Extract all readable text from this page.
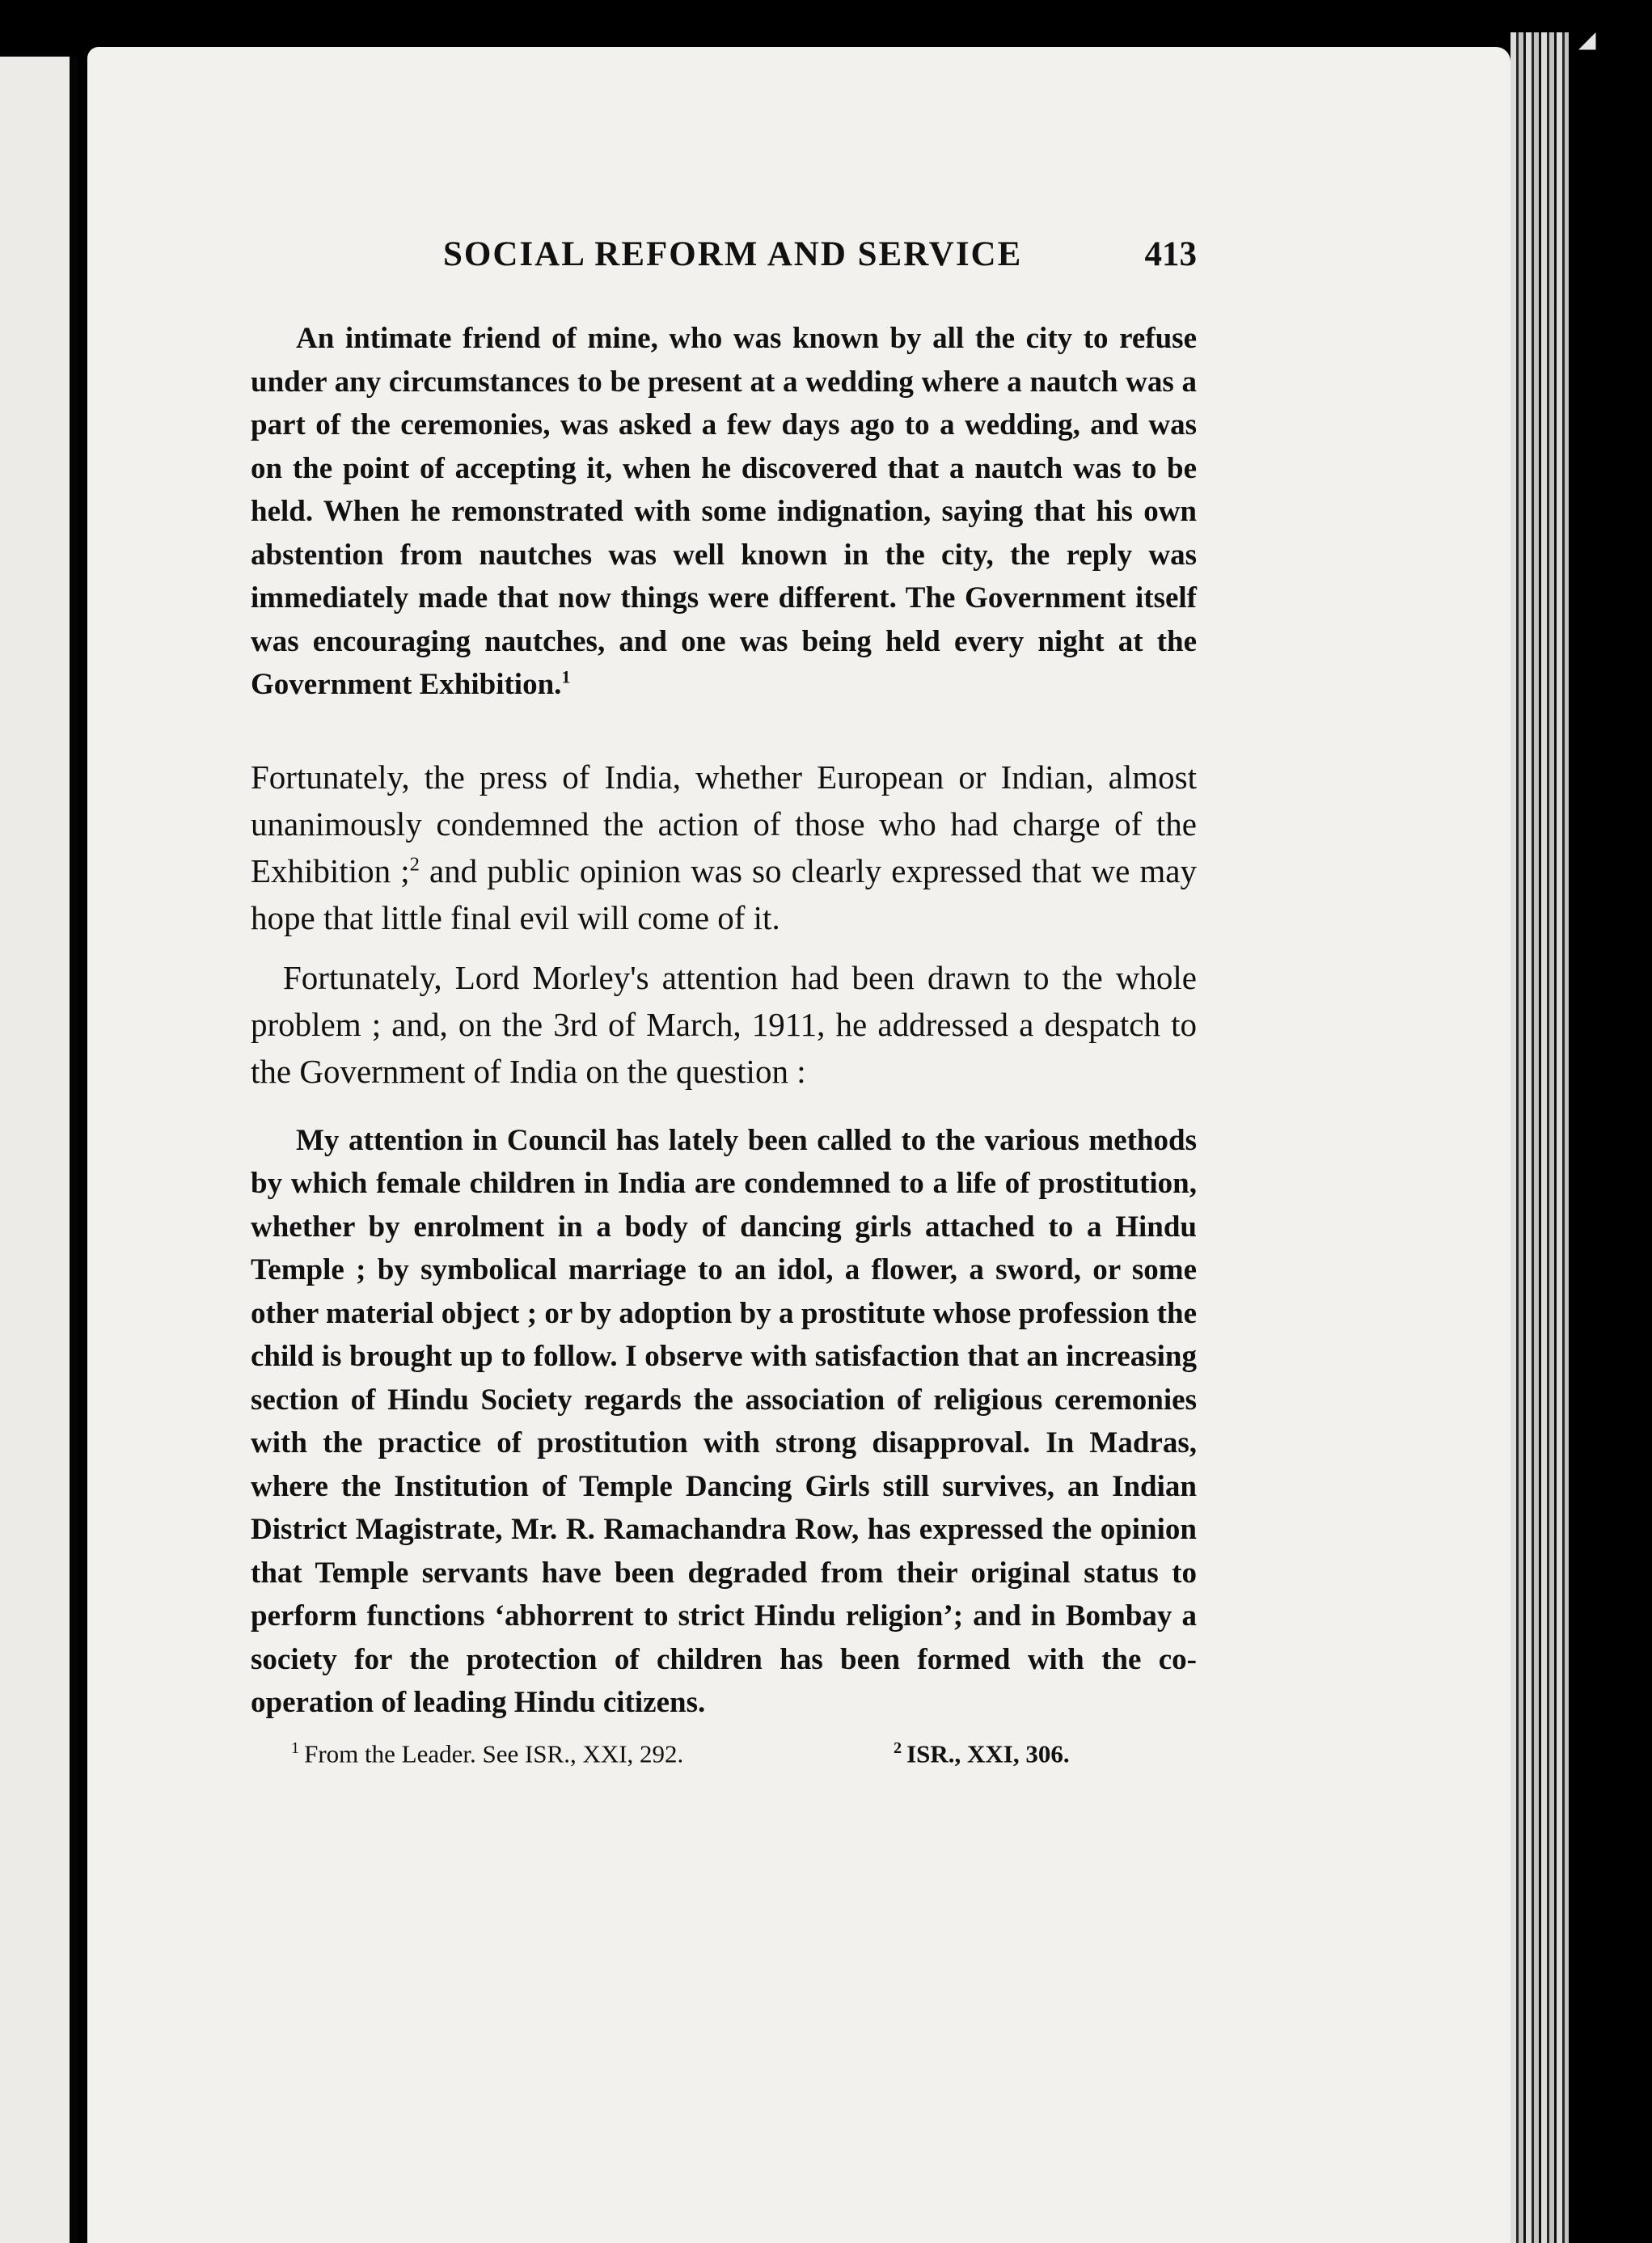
◢
SOCIAL REFORM AND SERVICE	413

An intimate friend of mine, who was known by all the city to refuse under any circumstances to be present at a wedding where a nautch was a part of the ceremonies, was asked a few days ago to a wedding, and was on the point of accepting it, when he discovered that a nautch was to be held. When he remonstrated with some indignation, saying that his own abstention from nautches was well known in the city, the reply was immediately made that now things were different. The Government itself was encouraging nautches, and one was being held every night at the Government Exhibition.$^1$

Fortunately, the press of India, whether European or Indian, almost unanimously condemned the action of those who had charge of the Exhibition ;$^2$ and public opinion was so clearly expressed that we may hope that little final evil will come of it.

Fortunately, Lord Morley's attention had been drawn to the whole problem ; and, on the 3rd of March, 1911, he addressed a despatch to the Government of India on the question :

My attention in Council has lately been called to the various methods by which female children in India are condemned to a life of prostitution, whether by enrolment in a body of dancing girls attached to a Hindu Temple ; by symbolical marriage to an idol, a flower, a sword, or some other material object ; or by adoption by a prostitute whose profession the child is brought up to follow. I observe with satisfaction that an increasing section of Hindu Society regards the association of religious ceremonies with the practice of prostitution with strong disapproval. In Madras, where the Institution of Temple Dancing Girls still survives, an Indian District Magistrate, Mr. R. Ramachandra Row, has expressed the opinion that Temple servants have been degraded from their original status to perform functions ‘abhorrent to strict Hindu religion’; and in Bombay a society for the protection of children has been formed with the co-operation of leading Hindu citizens.

$^1$ From the Leader. See ISR., XXI, 292.	$^2$ ISR., XXI, 306.
